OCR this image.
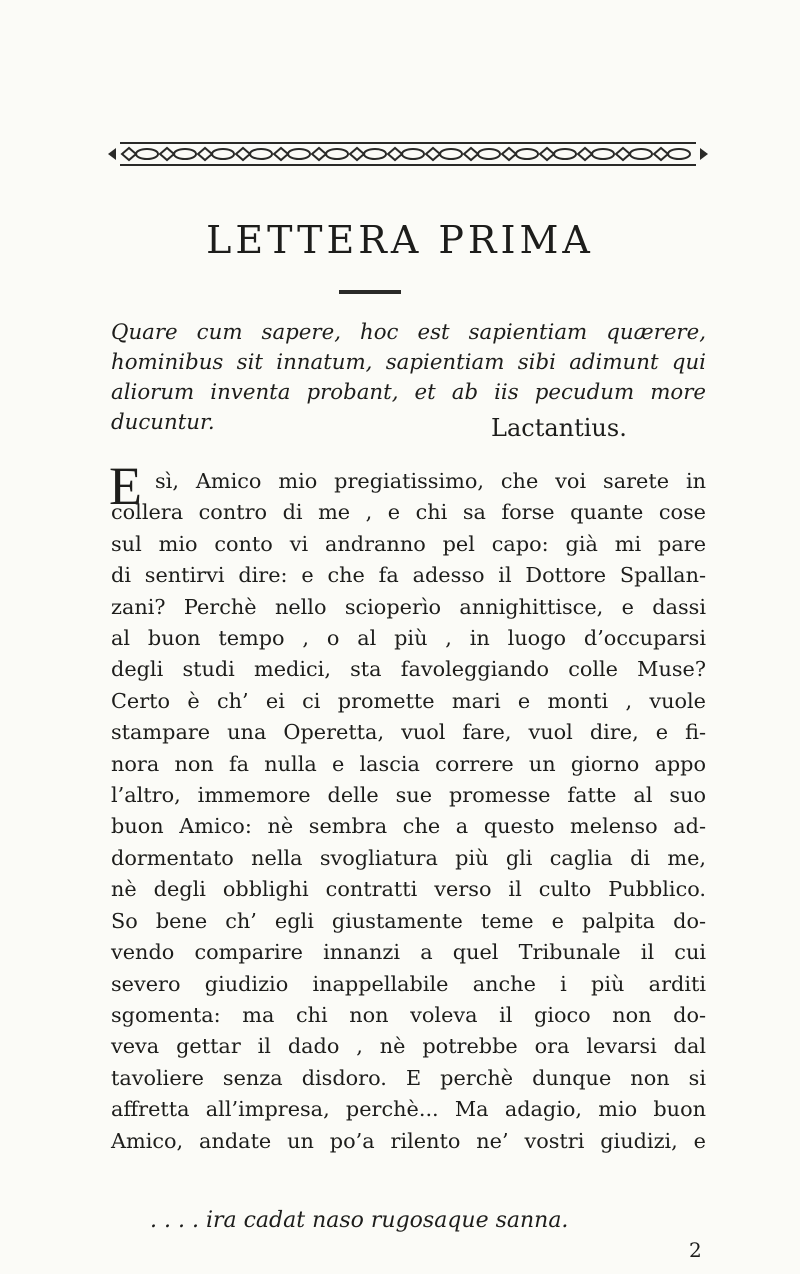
LETTERA PRIMA

Quare cum sapere, hoc est sapientiam quærere, hominibus sit innatum, sapientiam sibi adimunt qui aliorum inventa probant, et ab iis pecudum more ducuntur.	Lactantius.

E sì, Amico mio pregiatissimo, che voi sarete in
collera contro di me , e chi sa forse quante cose
sul mio conto vi andranno pel capo: già mi pare
di sentirvi dire: e che fa adesso il Dottore Spallan-
zani? Perchè nello scioperìo annighittisce, e dassi
al buon tempo , o al più , in luogo d’occuparsi
degli studi medici, sta favoleggiando colle Muse?
Certo è ch’ ei ci promette mari e monti , vuole
stampare una Operetta, vuol fare, vuol dire, e fi-
nora non fa nulla e lascia correre un giorno appo
l’altro, immemore delle sue promesse fatte al suo
buon Amico: nè sembra che a questo melenso ad-
dormentato nella svogliatura più gli caglia di me,
nè degli obblighi contratti verso il culto Pubblico.
So bene ch’ egli giustamente teme e palpita do-
vendo comparire innanzi a quel Tribunale il cui
severo giudizio inappellabile anche i più arditi
sgomenta: ma chi non voleva il gioco non do-
veva gettar il dado , nè potrebbe ora levarsi dal
tavoliere senza disdoro. E perchè dunque non si
affretta all’impresa, perchè... Ma adagio, mio buon
Amico, andate un po’a rilento ne’ vostri giudizi, e

. . . . ira cadat naso rugosaque sanna.

2
